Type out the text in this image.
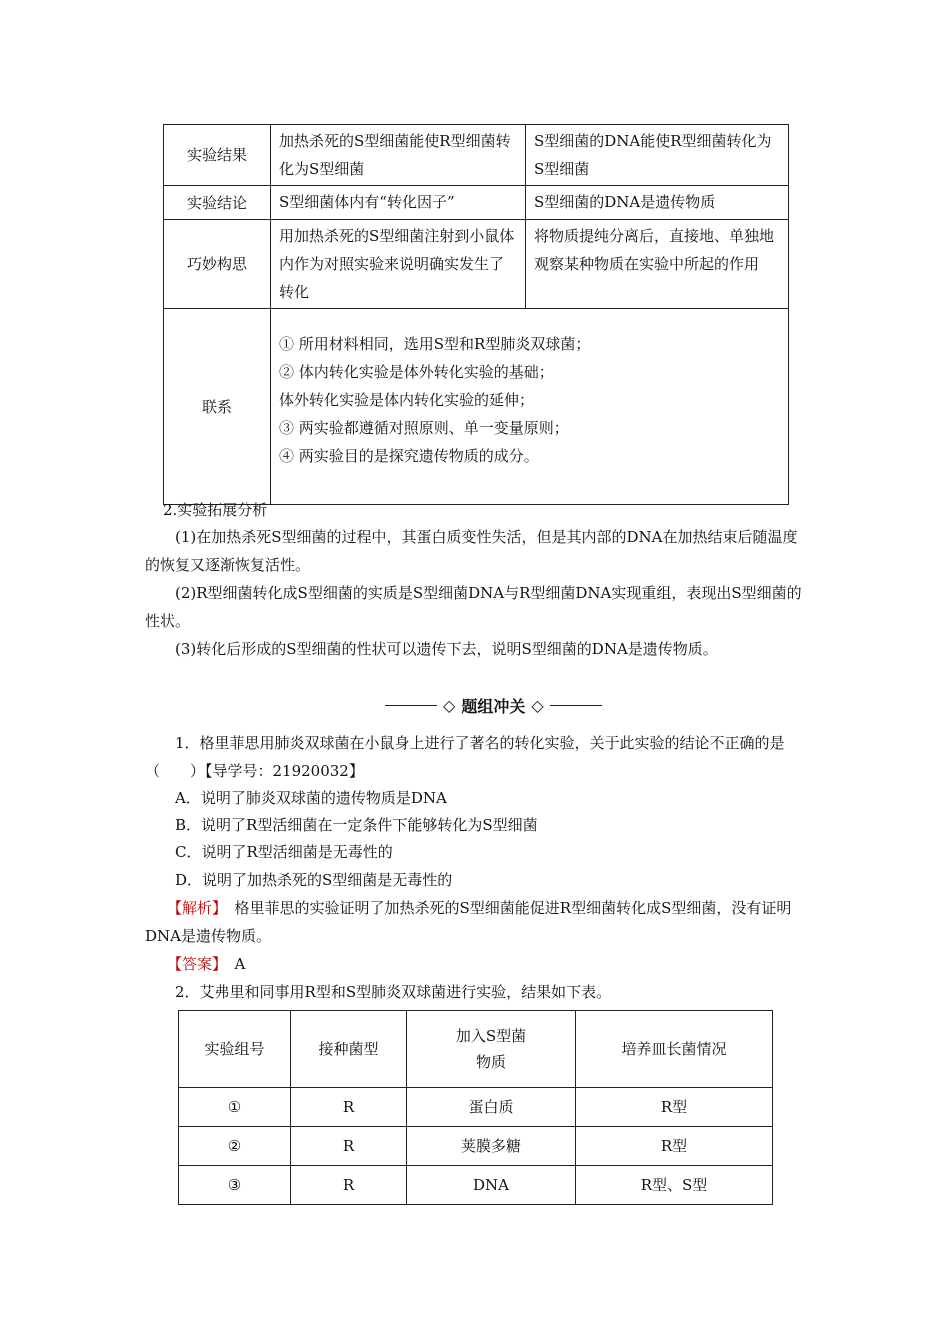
实验结果	加热杀死的S型细菌能使R型细菌转化为S型细菌	S型细菌的DNA能使R型细菌转化为S型细菌
实验结论	S型细菌体内有“转化因子”	S型细菌的DNA是遗传物质
巧妙构思	用加热杀死的S型细菌注射到小鼠体内作为对照实验来说明确实发生了转化	将物质提纯分离后，直接地、单独地观察某种物质在实验中所起的作用
联系	① 所用材料相同，选用S型和R型肺炎双球菌；
② 体内转化实验是体外转化实验的基础；
体外转化实验是体内转化实验的延伸；
③ 两实验都遵循对照原则、单一变量原则；
④ 两实验目的是探究遗传物质的成分。	
2.实验拓展分析
(1)在加热杀死S型细菌的过程中，其蛋白质变性失活，但是其内部的DNA在加热结束后随温度的恢复又逐渐恢复活性。
(2)R型细菌转化成S型细菌的实质是S型细菌DNA与R型细菌DNA实现重组，表现出S型细菌的性状。
(3)转化后形成的S型细菌的性状可以遗传下去，说明S型细菌的DNA是遗传物质。
◇ 题组冲关 ◇
1．格里菲思用肺炎双球菌在小鼠身上进行了著名的转化实验，关于此实验的结论不正确的是　（　　）【导学号：21920032】
A．说明了肺炎双球菌的遗传物质是DNA
B．说明了R型活细菌在一定条件下能够转化为S型细菌
C．说明了R型活细菌是无毒性的
D．说明了加热杀死的S型细菌是无毒性的
【解析】　格里菲思的实验证明了加热杀死的S型细菌能促进R型细菌转化成S型细菌，没有证明DNA是遗传物质。
【答案】　A
2．艾弗里和同事用R型和S型肺炎双球菌进行实验，结果如下表。
实验组号	接种菌型	加入S型菌物质	培养皿长菌情况
①	R	蛋白质	R型
②	R	荚膜多糖	R型
③	R	DNA	R型、S型
